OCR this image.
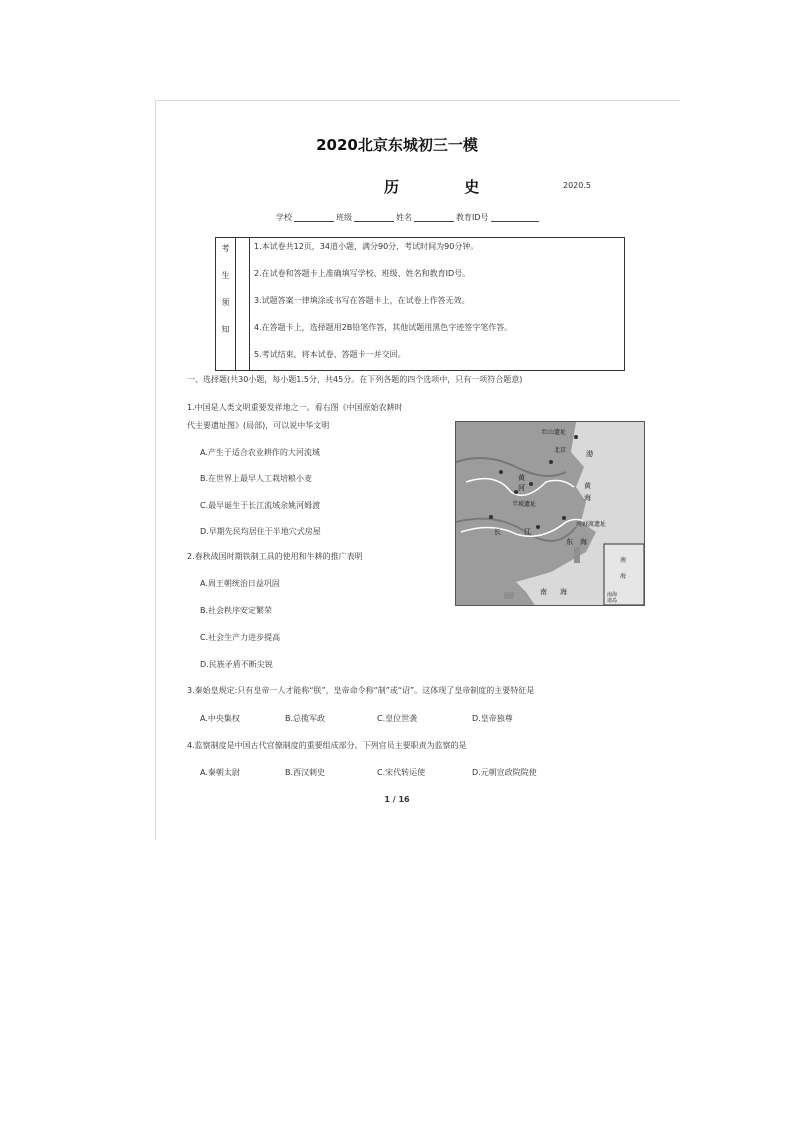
2020北京东城初三一模
历 史	2020.5
学校	班级	姓名	教育ID号
考
生
须
知
1.本试卷共12页，34道小题，满分90分，考试时间为90分钟。
2.在试卷和答题卡上准确填写学校、班级、姓名和教育ID号。
3.试题答案一律填涂或书写在答题卡上，在试卷上作答无效。
4.在答题卡上，选择题用2B铅笔作答，其他试题用黑色字迹签字笔作答。
5.考试结束，将本试卷、答题卡一并交回。
一、选择题(共30小题，每小题1.5分，共45分。在下列各题的四个选项中，只有一项符合题意)
1.中国是人类文明重要发祥地之一。看右图《中国原始农耕时
代主要遗址图》(局部)，可以说中华文明
A.产生于适合农业耕作的大河流域
B.在世界上最早人工栽培粮小麦
C.最早诞生于长江流域余姚河姆渡
D.早期先民均居住于半地穴式房屋
红山遗址
北京	渤
黄
河	黄
海
半坡遗址
河姆渡遗址
长	江
东 海
南 海
南
海
南海
诸岛
2.春秋战国时期铁制工具的使用和牛耕的推广表明
A.周王朝统治日益巩固
B.社会秩序安定繁荣
C.社会生产力进步提高
D.民族矛盾不断尖锐
3.秦始皇规定:只有皇帝一人才能称“朕”，皇帝命令称“制”或“诏”。这体现了皇帝制度的主要特征是
A.中央集权	B.总揽军政	C.皇位世袭	D.皇帝独尊
4.监察制度是中国古代官僚制度的重要组成部分。下列官员主要职责为监察的是
A.秦朝太尉	B.西汉刺史	C.宋代转运使	D.元朝宣政院院使
1 / 16
